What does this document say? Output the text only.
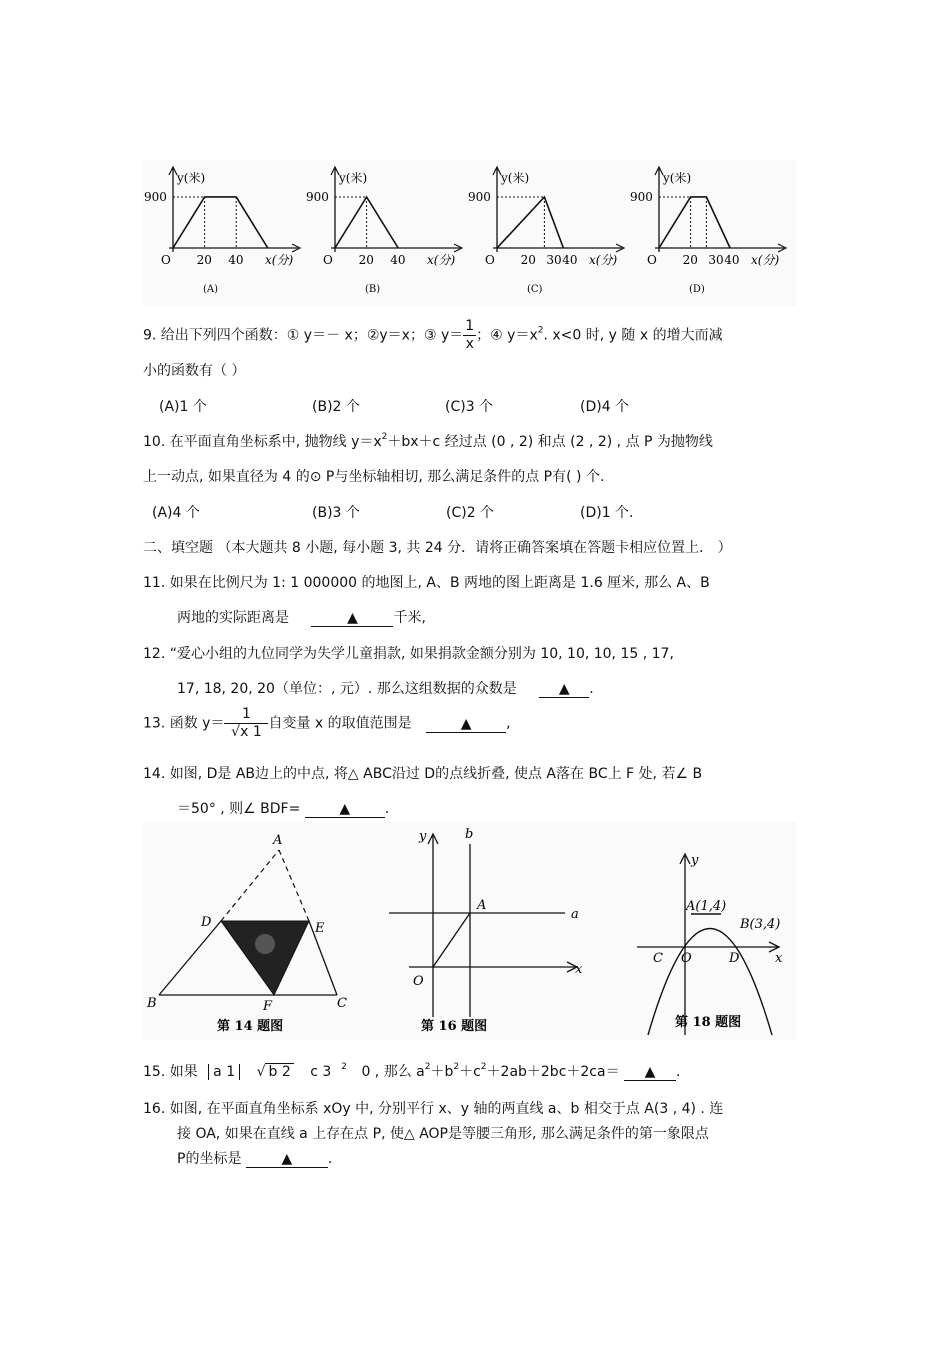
900
y(米)
O 20 40 x(分)
(A)
900
y(米)
O 20 40 x(分)
(B)
900
y(米)
O 20 30 40 x(分)
(C)
900
y(米)
O 20 30 40 x(分)
(D)
9. 给出下列四个函数：① y＝－ x；②y＝x；③ $y= \frac{1}{x}$ ；④ $y=x^2$. x<0 时, y 随 x 的增大而减
小的函数有（ ）
(A)1 个	(B)2 个	(C)3 个	(D)4 个
10. 在平面直角坐标系中, 抛物线 $y=x^2+bx+c$ 经过点 (0 , 2) 和点 (2 , 2) , 点 P 为抛物线
上一动点, 如果直径为 4 的⊙ P与坐标轴相切, 那么满足条件的点 P有( ) 个.
(A)4 个	(B)3 个	(C)2 个	(D)1 个.
二、填空题 （本大题共 8 小题, 每小题 3, 共 24 分．请将正确答案填在答题卡相应位置上． ）
11. 如果在比例尺为 1: 1 000000 的地图上, A、B 两地的图上距离是 1.6 厘米, 那么 A、B
两地的实际距离是	▲	千米,
12. “爱心小组的九位同学为失学儿童捐款, 如果捐款金额分别为 10, 10, 10, 15 , 17,
17, 18, 20, 20（单位：, 元）. 那么这组数据的众数是	▲ .
13. 函数 $y= \frac{1}{√x 1}$ 自变量 x 的取值范围是	▲ ,
14. 如图, D是 AB边上的中点, 将△ ABC沿过 D的点线折叠, 使点 A落在 BC上 F 处, 若∠ B
＝50° , 则∠ BDF=	▲ .
A
D	E
B	F	C
第 14 题图
y	b
A
a
O
x
第 16 题图
y
A(1,4)
B(3,4)
C O	D	x
第 18 题图
15. 如果 a 1 √ b 2 c 3 $^2$ 0 , 那么 $a^2+b^2+c^2+2ab+2bc+2ca=$ ▲ .
16. 如图, 在平面直角坐标系 xOy 中, 分别平行 x、y 轴的两直线 a、b 相交于点 A(3 , 4) . 连
接 OA, 如果在直线 a 上存在点 P, 使△ AOP是等腰三角形, 那么满足条件的第一象限点
P的坐标是	▲	.
